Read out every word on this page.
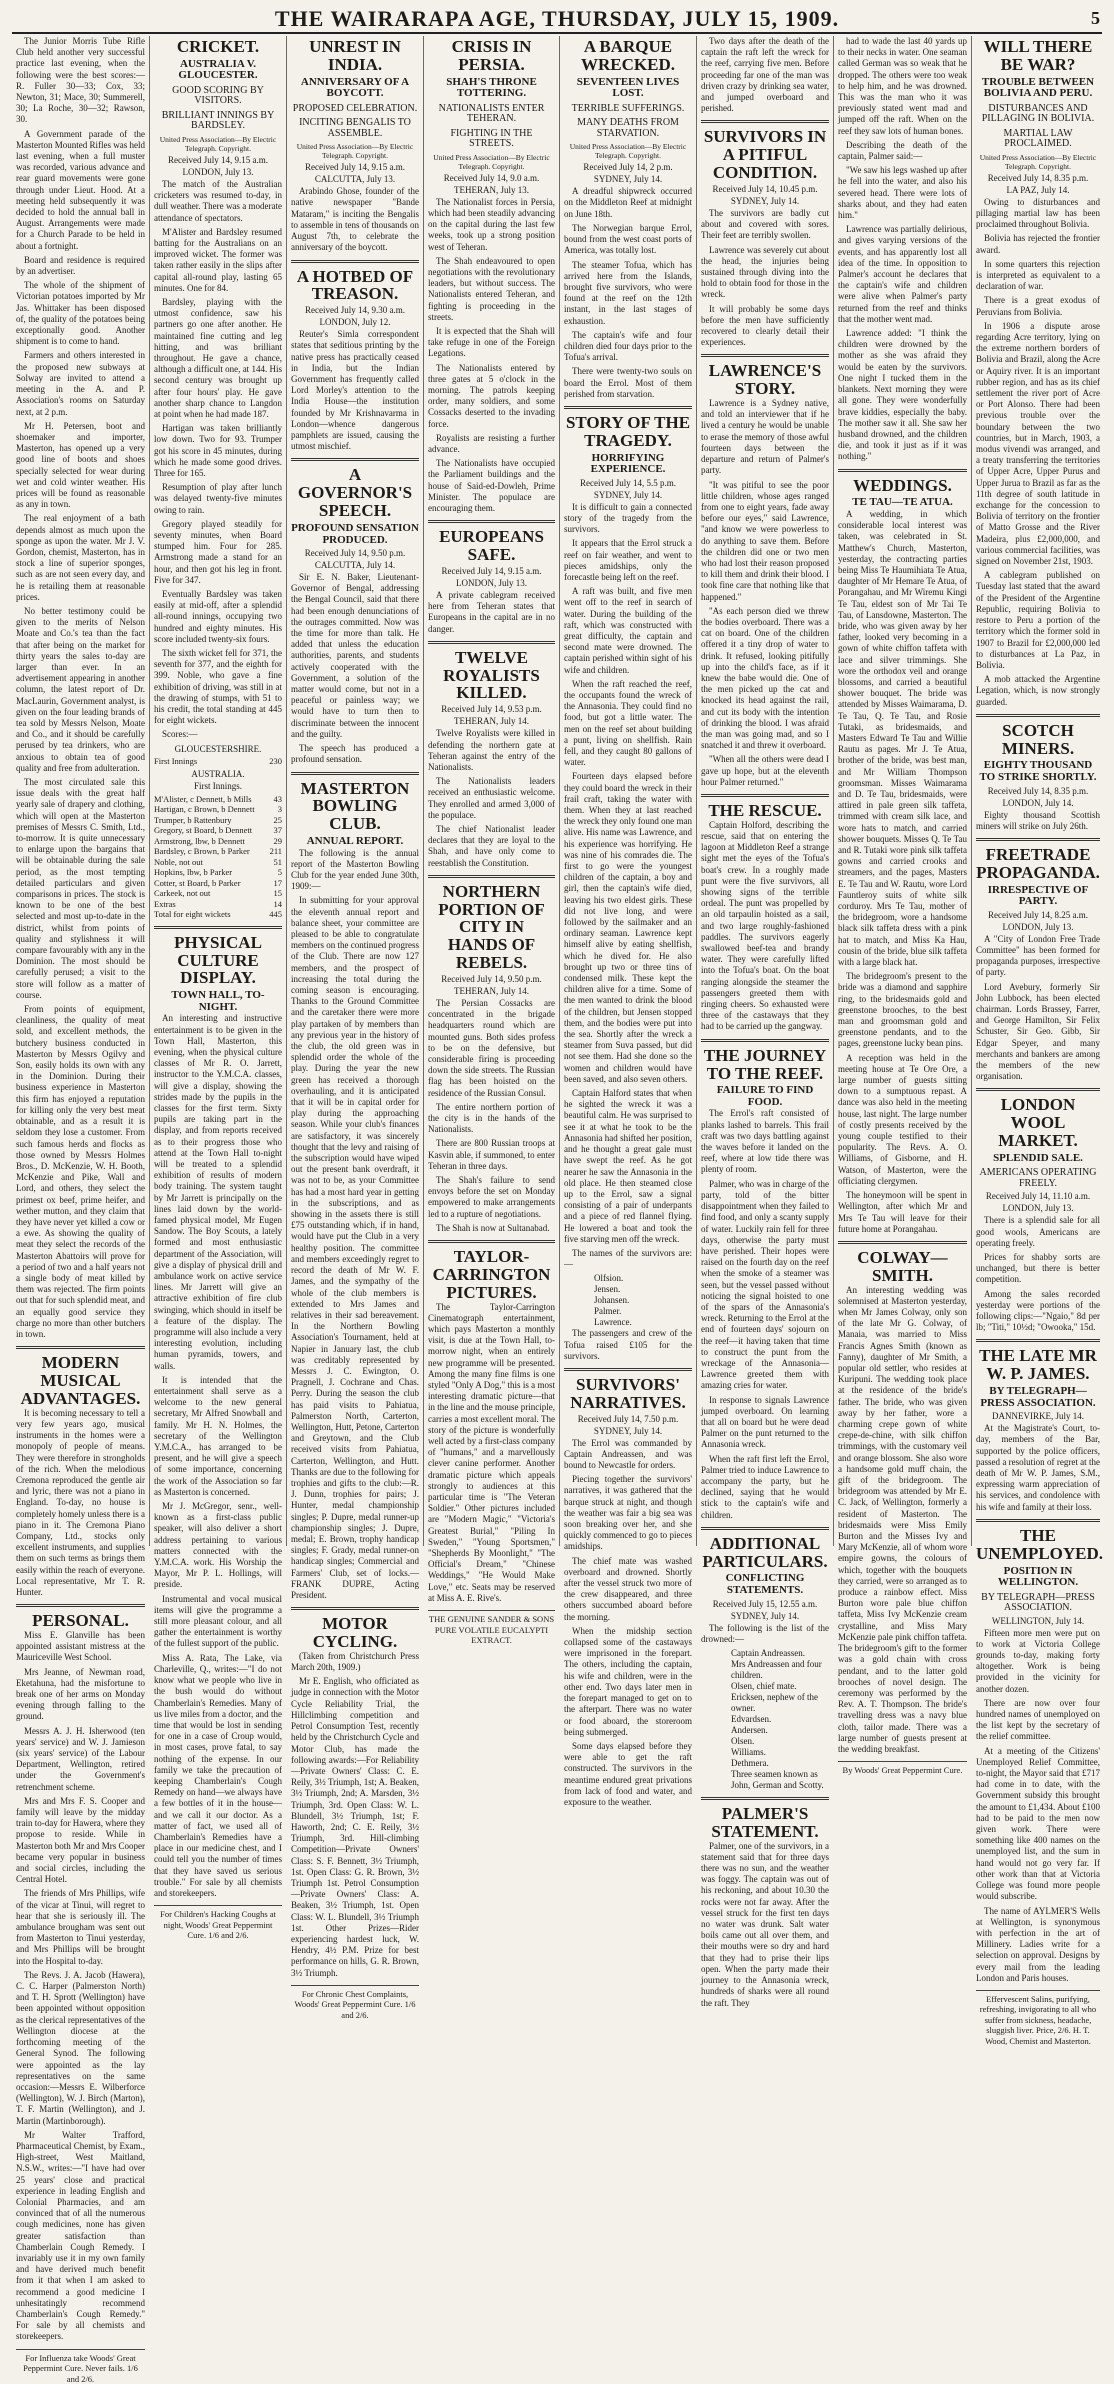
THE WAIRARAPA AGE, THURSDAY, JULY 15, 1909.	5

The Junior Morris Tube Rifle Club held another very successful practice last evening, when the following were the best scores:—R. Fuller 30—33; Cox, 33; Newton, 31; Mace, 30; Summerell, 30; La Roche, 30—32; Rawson, 30.

A Government parade of the Masterton Mounted Rifles was held last evening, when a full muster was recorded, various advance and rear guard movements were gone through under Lieut. Hood. At a meeting held subsequently it was decided to hold the annual ball in August. Arrangements were made for a Church Parade to be held in about a fortnight.

Board and residence is required by an advertiser.

The whole of the shipment of Victorian potatoes imported by Mr Jas. Whittaker has been disposed of, the quality of the potatoes being exceptionally good. Another shipment is to come to hand.

Farmers and others interested in the proposed new subways at Solway are invited to attend a meeting in the A. and P. Association's rooms on Saturday next, at 2 p.m.

Mr H. Petersen, boot and shoemaker and importer, Masterton, has opened up a very good line of boots and shoes specially selected for wear during wet and cold winter weather. His prices will be found as reasonable as any in town.

The real enjoyment of a bath depends almost as much upon the sponge as upon the water. Mr J. V. Gordon, chemist, Masterton, has in stock a line of superior sponges, such as are not seen every day, and he is retailing them at reasonable prices.

No better testimony could be given to the merits of Nelson Moate and Co.'s tea than the fact that after being on the market for thirty years the sales to-day are larger than ever. In an advertisement appearing in another column, the latest report of Dr. MacLaurin, Government analyst, is given on the four leading brands of tea sold by Messrs Nelson, Moate and Co., and it should be carefully perused by tea drinkers, who are anxious to obtain tea of good quality and free from adulteration.

The most circulated sale this issue deals with the great half yearly sale of drapery and clothing, which will open at the Masterton premises of Messrs C. Smith, Ltd., to-morrow. It is quite unnecessary to enlarge upon the bargains that will be obtainable during the sale period, as the most tempting detailed particulars and given comparisons in prices. The stock is known to be one of the best selected and most up-to-date in the district, whilst from points of quality and stylishness it will compare favourably with any in the Dominion. The most should be carefully perused; a visit to the store will follow as a matter of course.

From points of equipment, cleanliness, the quality of meat sold, and excellent methods, the butchery business conducted in Masterton by Messrs Ogilvy and Son, easily holds its own with any in the Dominion. During their business experience in Masterton this firm has enjoyed a reputation for killing only the very best meat obtainable, and as a result it is seldom they lose a customer. From such famous herds and flocks as those owned by Messrs Holmes Bros., D. McKenzie, W. H. Booth, McKenzie and Pike, Wall and Lord, and others, they select the primest ox beef, prime heifer, and wether mutton, and they claim that they have never yet killed a cow or a ewe. As showing the quality of meat they select the records of the Masterton Abattoirs will prove for a period of two and a half years not a single body of meat killed by them was rejected. The firm points out that for such splendid meat, and an equally good service they charge no more than other butchers in town.

MODERN MUSICAL ADVANTAGES.

It is becoming necessary to tell a very few years ago, musical instruments in the homes were a monopoly of people of means. They were therefore in strongholds of the rich. When the melodious Cremona reproduced the gentle air and lyric, there was not a piano in England. To-day, no house is completely homely unless there is a piano in it. The Cremona Piano Company, Ltd., stocks only excellent instruments, and supplies them on such terms as brings them easily within the reach of everyone. Local representative, Mr T. R. Hunter.

PERSONAL.

Miss E. Glanville has been appointed assistant mistress at the Mauriceville West School.

Mrs Jeanne, of Newman road, Eketahuna, had the misfortune to break one of her arms on Monday evening through falling to the ground.

Messrs A. J. H. Isherwood (ten years' service) and W. J. Jamieson (six years' service) of the Labour Department, Wellington, retired under the Government's retrenchment scheme.

Mrs and Mrs F. S. Cooper and family will leave by the midday train to-day for Hawera, where they propose to reside. While in Masterton both Mr and Mrs Cooper became very popular in business and social circles, including the Central Hotel.

The friends of Mrs Phillips, wife of the vicar at Tinui, will regret to hear that she is seriously ill. The ambulance brougham was sent out from Masterton to Tinui yesterday, and Mrs Phillips will be brought into the Hospital to-day.

The Revs. J. A. Jacob (Hawera), C. C. Harper (Palmerston North) and T. H. Sprott (Wellington) have been appointed without opposition as the clerical representatives of the Wellington diocese at the forthcoming meeting of the General Synod. The following were appointed as the lay representatives on the same occasion:—Messrs E. Wilberforce (Wellington), W. J. Birch (Marton), T. F. Martin (Wellington), and J. Martin (Martinborough).

Mr Walter Trafford, Pharmaceutical Chemist, by Exam., High-street, West Maitland, N.S.W., writes:—"I have had over 25 years' close and practical experience in leading English and Colonial Pharmacies, and am convinced that of all the numerous cough medicines, none has given greater satisfaction than Chamberlain Cough Remedy. I invariably use it in my own family and have derived much benefit from it that when I am asked to recommend a good medicine I unhesitatingly recommend Chamberlain's Cough Remedy." For sale by all chemists and storekeepers.

For Influenza take Woods' Great Peppermint Cure. Never fails. 1/6 and 2/6.
CRICKET.
AUSTRALIA V. GLOUCESTER.
GOOD SCORING BY VISITORS.
BRILLIANT INNINGS BY BARDSLEY.
United Press Association—By Electric Telegraph. Copyright.
Received July 14, 9.15 a.m.
LONDON, July 13.

The match of the Australian cricketers was resumed to-day, in dull weather. There was a moderate attendance of spectators.

M'Alister and Bardsley resumed batting for the Australians on an improved wicket. The former was taken rather easily in the slips after capital all-round play, lasting 65 minutes. One for 84.

Bardsley, playing with the utmost confidence, saw his partners go one after another. He maintained fine cutting and leg hitting, and was brilliant throughout. He gave a chance, although a difficult one, at 144. His second century was brought up after four hours' play. He gave another sharp chance to Langdon at point when he had made 187.

Hartigan was taken brilliantly low down. Two for 93. Trumper got his score in 45 minutes, during which he made some good drives. Three for 165.

Resumption of play after lunch was delayed twenty-five minutes owing to rain.

Gregory played steadily for seventy minutes, when Board stumped him. Four for 285. Armstrong made a stand for an hour, and then got his leg in front. Five for 347.

Eventually Bardsley was taken easily at mid-off, after a splendid all-round innings, occupying two hundred and eighty minutes. His score included twenty-six fours.

The sixth wicket fell for 371, the seventh for 377, and the eighth for 399. Noble, who gave a fine exhibition of driving, was still in at the drawing of stumps, with 51 to his credit, the total standing at 445 for eight wickets.

Scores:—

GLOUCESTERSHIRE.
First Innings	230
AUSTRALIA.
First Innings.
M'Alister, c Dennett, b Mills	43
Hartigan, c Brown, b Dennett	3
Trumper, b Rattenbury	25
Gregory, st Board, b Dennett	37
Armstrong, lbw, b Dennett	29
Bardsley, c Brown, b Parker 211
Noble, not out	51
Hopkins, lbw, b Parker	5
Cotter, st Board, b Parker	17
Carkeek, not out	15
Extras	14
Total for eight wickets	445
PHYSICAL CULTURE DISPLAY.
TOWN HALL, TO-NIGHT.

An interesting and instructive entertainment is to be given in the Town Hall, Masterton, this evening, when the physical culture classes of Mr R. O. Jarrett, instructor to the Y.M.C.A. classes, will give a display, showing the strides made by the pupils in the classes for the first term. Sixty pupils are taking part in the display, and from reports received as to their progress those who attend at the Town Hall to-night will be treated to a splendid exhibition of results of modern body training. The system taught by Mr Jarrett is principally on the lines laid down by the world-famed physical model, Mr Eugen Sandow. The Boy Scouts, a lately formed and most enthusiastic department of the Association, will give a display of physical drill and ambulance work on active service lines. Mr Jarrett will give an attractive exhibition of fire club swinging, which should in itself be a feature of the display. The programme will also include a very interesting evolution, including human pyramids, towers, and walls.

It is intended that the entertainment shall serve as a welcome to the new general secretary, Mr Alfred Snowball and family. Mr H. N. Holmes, the secretary of the Wellington Y.M.C.A., has arranged to be present, and he will give a speech of some importance, concerning the work of the Association so far as Masterton is concerned.

Mr J. McGregor, senr., well-known as a first-class public speaker, will also deliver a short address pertaining to various matters connected with the Y.M.C.A. work. His Worship the Mayor, Mr P. L. Hollings, will preside.

Instrumental and vocal musical items will give the programme a still more pleasant colour, and all gather the entertainment is worthy of the fullest support of the public.

Miss A. Rata, The Lake, via Charleville, Q., writes:—"I do not know what we people who live in the bush would do without Chamberlain's Remedies. Many of us live miles from a doctor, and the time that would be lost in sending for one in a case of Croup would, in most cases, prove fatal, to say nothing of the expense. In our family we take the precaution of keeping Chamberlain's Cough Remedy on hand—we always have a few bottles of it in the house—and we call it our doctor. As a matter of fact, we used all of Chamberlain's Remedies have a place in our medicine chest, and I could tell you the number of times that they have saved us serious trouble." For sale by all chemists and storekeepers.

For Children's Hacking Coughs at night, Woods' Great Peppermint Cure. 1/6 and 2/6.
UNREST IN INDIA.
ANNIVERSARY OF A BOYCOTT.
PROPOSED CELEBRATION.
INCITING BENGALIS TO ASSEMBLE.
United Press Association—By Electric Telegraph. Copyright.
Received July 14, 9.15 a.m.
CALCUTTA, July 13.

Arabindo Ghose, founder of the native newspaper "Bande Mataram," is inciting the Bengalis to assemble in tens of thousands on August 7th, to celebrate the anniversary of the boycott.

A HOTBED OF TREASON.
Received July 14, 9.30 a.m.
LONDON, July 12.

Reuter's Simla correspondent states that seditious printing by the native press has practically ceased in India, but the Indian Government has frequently called Lord Morley's attention to the India House—the institution founded by Mr Krishnavarma in London—whence dangerous pamphlets are issued, causing the utmost mischief.

A GOVERNOR'S SPEECH.
PROFOUND SENSATION PRODUCED.
Received July 14, 9.50 p.m.
CALCUTTA, July 14.

Sir E. N. Baker, Lieutenant-Governor of Bengal, addressing the Bengal Council, said that there had been enough denunciations of the outrages committed. Now was the time for more than talk. He added that unless the education authorities, parents, and students actively cooperated with the Government, a solution of the matter would come, but not in a peaceful or painless way; we would have to turn then to discriminate between the innocent and the guilty.

The speech has produced a profound sensation.

MASTERTON BOWLING CLUB.
ANNUAL REPORT.

The following is the annual report of the Masterton Bowling Club for the year ended June 30th, 1909:—

In submitting for your approval the eleventh annual report and balance sheet, your committee are pleased to be able to congratulate members on the continued progress of the Club. There are now 127 members, and the prospect of increasing the total during the coming season is encouraging. Thanks to the Ground Committee and the caretaker there were more play partaken of by members than any previous year in the history of the club, the old green was in splendid order the whole of the play. During the year the new green has received a thorough overhauling, and it is anticipated that it will be in capital order for play during the approaching season. While your club's finances are satisfactory, it was sincerely thought that the levy and raising of the subscription would have wiped out the present bank overdraft, it was not to be, as your Committee has had a most hard year in getting in the subscriptions, and as showing in the assets there is still £75 outstanding which, if in hand, would have put the Club in a very healthy position. The committee and members exceedingly regret to record the death of Mr W. F. James, and the sympathy of the whole of the club members is extended to Mrs James and relatives in their sad bereavement. In the Northern Bowling Association's Tournament, held at Napier in January last, the club was creditably represented by Messrs J. C. Ewington, O. Pragnell, J. Cochrane and Chas. Perry. During the season the club has paid visits to Pahiatua, Palmerston North, Carterton, Wellington, Hutt, Petone, Carterton and Greytown, and the Club received visits from Pahiatua, Carterton, Wellington, and Hutt. Thanks are due to the following for trophies and gifts to the club:—R. J. Dunn, trophies for pairs; J. Hunter, medal championship singles; P. Dupre, medal runner-up championship singles; J. Dupre, medal; E. Brown, trophy handicap singles; F. Grady, medal runner-on handicap singles; Commercial and Farmers' Club, set of locks.—FRANK DUPRE, Acting President.

MOTOR CYCLING.

(Taken from Christchurch Press March 20th, 1909.)

Mr E. English, who officiated as judge in connection with the Motor Cycle Reliability Trial, the Hillclimbing competition and Petrol Consumption Test, recently held by the Christchurch Cycle and Motor Club, has made the following awards:—For Reliability—Private Owners' Class: C. E. Reily, 3½ Triumph, 1st; A. Beaken, 3½ Triumph, 2nd; A. Marsden, 3½ Triumph, 3rd. Open Class: W. L. Blundell, 3½ Triumph, 1st; F. Haworth, 2nd; C. E. Reily, 3½ Triumph, 3rd. Hill-climbing Competition—Private Owners' Class: S. F. Bennett, 3½ Triumph, 1st. Open Class: G. R. Brown, 3½ Triumph 1st. Petrol Consumption—Private Owners' Class: A. Beaken, 3½ Triumph, 1st. Open Class: W. L. Blundell, 3½ Triumph 1st. Other Prizes—Rider experiencing hardest luck, W. Hendry, 4½ P.M. Prize for best performance on hills, G. R. Brown, 3½ Triumph.

For Chronic Chest Complaints, Woods' Great Peppermint Cure. 1/6 and 2/6.
CRISIS IN PERSIA.
SHAH'S THRONE TOTTERING.
NATIONALISTS ENTER TEHERAN.
FIGHTING IN THE STREETS.
United Press Association—By Electric Telegraph. Copyright.
Received July 14, 9.0 a.m.
TEHERAN, July 13.

The Nationalist forces in Persia, which had been steadily advancing on the capital during the last few weeks, took up a strong position west of Teheran.

The Shah endeavoured to open negotiations with the revolutionary leaders, but without success. The Nationalists entered Teheran, and fighting is proceeding in the streets.

It is expected that the Shah will take refuge in one of the Foreign Legations.

The Nationalists entered by three gates at 5 o'clock in the morning. The patrols keeping order, many soldiers, and some Cossacks deserted to the invading force.

Royalists are resisting a further advance.

The Nationalists have occupied the Parliament buildings and the house of Said-ed-Dowleh, Prime Minister. The populace are encouraging them.

EUROPEANS SAFE.
Received July 14, 9.15 a.m.
LONDON, July 13.

A private cablegram received here from Teheran states that Europeans in the capital are in no danger.

TWELVE ROYALISTS KILLED.
Received July 14, 9.53 p.m.
TEHERAN, July 14.

Twelve Royalists were killed in defending the northern gate at Teheran against the entry of the Nationalists.

The Nationalists leaders received an enthusiastic welcome. They enrolled and armed 3,000 of the populace.

The chief Nationalist leader declares that they are loyal to the Shah, and have only come to reestablish the Constitution.

NORTHERN PORTION OF CITY IN HANDS OF REBELS.
Received July 14, 9.50 p.m.
TEHERAN, July 14.

The Persian Cossacks are concentrated in the brigade headquarters round which are mounted guns. Both sides profess to be on the defensive, but considerable firing is proceeding down the side streets. The Russian flag has been hoisted on the residence of the Russian Consul.

The entire northern portion of the city is in the hands of the Nationalists.

There are 800 Russian troops at Kasvin able, if summoned, to enter Teheran in three days.

The Shah's failure to send envoys before the set on Monday empowered to make arrangements led to a rupture of negotiations.

The Shah is now at Sultanabad.

TAYLOR-CARRINGTON PICTURES.

The Taylor-Carrington Cinematograph entertainment, which pays Masterton a monthly visit, is due at the Town Hall, to-morrow night, when an entirely new programme will be presented. Among the many fine films is one styled "Only A Dog," this is a most interesting dramatic picture—that in the line and the mouse principle, carries a most excellent moral. The story of the picture is wonderfully well acted by a first-class company of "humans," and a marvellously clever canine performer. Another dramatic picture which appeals strongly to audiences at this particular time is "The Veteran Soldier." Other pictures included are "Modern Magic," "Victoria's Greatest Burial," "Piling In Sweden," "Young Sportsmen," "Shepherds By Moonlight," "The Official's Dream," "Chinese Weddings," "He Would Make Love," etc. Seats may be reserved at Miss A. E. Rive's.

THE GENUINE SANDER & SONS PURE VOLATILE EUCALYPTI EXTRACT.
A BARQUE WRECKED.
SEVENTEEN LIVES LOST.
TERRIBLE SUFFERINGS.
MANY DEATHS FROM STARVATION.
United Press Association—By Electric Telegraph. Copyright.
Received July 14, 2 p.m.
SYDNEY, July 14.

A dreadful shipwreck occurred on the Middleton Reef at midnight on June 18th.

The Norwegian barque Errol, bound from the west coast ports of America, was totally lost.

The steamer Tofua, which has arrived here from the Islands, brought five survivors, who were found at the reef on the 12th instant, in the last stages of exhaustion.

The captain's wife and four children died four days prior to the Tofua's arrival.

There were twenty-two souls on board the Errol. Most of them perished from starvation.

STORY OF THE TRAGEDY.
HORRIFYING EXPERIENCE.
Received July 14, 5.5 p.m.
SYDNEY, July 14.

It is difficult to gain a connected story of the tragedy from the survivors.

It appears that the Errol struck a reef on fair weather, and went to pieces amidships, only the forecastle being left on the reef.

A raft was built, and five men went off to the reef in search of water. During the building of the raft, which was constructed with great difficulty, the captain and second mate were drowned. The captain perished within sight of his wife and children.

When the raft reached the reef, the occupants found the wreck of the Annasonia. They could find no food, but got a little water. The men on the reef set about building a punt, living on shellfish. Rain fell, and they caught 80 gallons of water.

Fourteen days elapsed before they could board the wreck in their frail craft, taking the water with them. When they at last reached the wreck they only found one man alive. His name was Lawrence, and his experience was horrifying. He was nine of his comrades die. The first to go were the youngest children of the captain, a boy and girl, then the captain's wife died, leaving his two eldest girls. These did not live long, and were followed by the sailmaker and an ordinary seaman. Lawrence kept himself alive by eating shellfish, which he dived for. He also brought up two or three tins of condensed milk. These kept the children alive for a time. Some of the men wanted to drink the blood of the children, but Jensen stopped them, and the bodies were put into the sea. Shortly after the wreck a steamer from Suva passed, but did not see them. Had she done so the women and children would have been saved, and also seven others.

Captain Halford states that when he sighted the wreck it was a beautiful calm. He was surprised to see it at what he took to be the Annasonia had shifted her position, and he thought a great gale must have swept the reef. As he got nearer he saw the Annasonia in the old place. He then steamed close up to the Errol, saw a signal consisting of a pair of underpants and a piece of red flannel flying. He lowered a boat and took the five starving men off the wreck.

The names of the survivors are:—

Olfsion.
Jensen.
Johansen.
Palmer.
Lawrence.

The passengers and crew of the Tofua raised £105 for the survivors.

SURVIVORS' NARRATIVES.
Received July 14, 7.50 p.m.
SYDNEY, July 14.

The Errol was commanded by Captain Andreassen, and was bound to Newcastle for orders.

Piecing together the survivors' narratives, it was gathered that the barque struck at night, and though the weather was fair a big sea was soon breaking over her, and she quickly commenced to go to pieces amidships.

The chief mate was washed overboard and drowned. Shortly after the vessel struck two more of the crew disappeared, and three others succumbed aboard before the morning.

When the midship section collapsed some of the castaways were imprisoned in the forepart. The others, including the captain, his wife and children, were in the other end. Two days later men in the forepart managed to get on to the afterpart. There was no water or food aboard, the storeroom being submerged.

Some days elapsed before they were able to get the raft constructed. The survivors in the meantime endured great privations from lack of food and water, and exposure to the weather.

Two days after the death of the captain the raft left the wreck for the reef, carrying five men. Before proceeding far one of the man was driven crazy by drinking sea water, and jumped overboard and perished.

SURVIVORS IN A PITIFUL CONDITION.
Received July 14, 10.45 p.m.
SYDNEY, July 14.

The survivors are badly cut about and covered with sores. Their feet are terribly swollen.

Lawrence was severely cut about the head, the injuries being sustained through diving into the hold to obtain food for those in the wreck.

It will probably be some days before the men have sufficiently recovered to clearly detail their experiences.

LAWRENCE'S STORY.

Lawrence is a Sydney native, and told an interviewer that if he lived a century he would be unable to erase the memory of those awful fourteen days between the departure and return of Palmer's party.

"It was pitiful to see the poor little children, whose ages ranged from one to eight years, fade away before our eyes," said Lawrence, "and know we were powerless to do anything to save them. Before the children did one or two men who had lost their reason proposed to kill them and drink their blood. I took fine care that nothing like that happened."

"As each person died we threw the bodies overboard. There was a cat on board. One of the children offered it a tiny drop of water to drink. It refused, looking pitifully up into the child's face, as if it knew the babe would die. One of the men picked up the cat and knocked its head against the rail, and cut its body with the intention of drinking the blood. I was afraid the man was going mad, and so I snatched it and threw it overboard.

"When all the others were dead I gave up hope, but at the eleventh hour Palmer returned."

THE RESCUE.

Captain Holford, describing the rescue, said that on entering the lagoon at Middleton Reef a strange sight met the eyes of the Tofua's boat's crew. In a roughly made punt were the five survivors, all showing signs of the terrible ordeal. The punt was propelled by an old tarpaulin hoisted as a sail, and two large roughly-fashioned paddles. The survivors eagerly swallowed beef-tea and brandy water. They were carefully lifted into the Tofua's boat. On the boat ranging alongside the steamer the passengers greeted them with ringing cheers. So exhausted were three of the castaways that they had to be carried up the gangway.

THE JOURNEY TO THE REEF.
FAILURE TO FIND FOOD.

The Errol's raft consisted of planks lashed to barrels. This frail craft was two days battling against the waves before it landed on the reef, where at low tide there was plenty of room.

Palmer, who was in charge of the party, told of the bitter disappointment when they failed to find food, and only a scanty supply of water. Luckily rain fell for three days, otherwise the party must have perished. Their hopes were raised on the fourth day on the reef when the smoke of a steamer was seen, but the vessel passed without noticing the signal hoisted to one of the spars of the Annasonia's wreck. Returning to the Errol at the end of fourteen days' sojourn on the reef—it having taken that time to construct the punt from the wreckage of the Annasonia—Lawrence greeted them with amazing cries for water.

In response to signals Lawrence jumped overboard. On learning that all on board but he were dead Palmer on the punt returned to the Annasonia wreck.

When the raft first left the Errol, Palmer tried to induce Lawrence to accompany the party, but he declined, saying that he would stick to the captain's wife and children.

ADDITIONAL PARTICULARS.
CONFLICTING STATEMENTS.
Received July 15, 12.55 a.m.
SYDNEY, July 14.

The following is the list of the drowned:—

Captain Andreassen.
Mrs Andreassen and four children.
Olsen, chief mate.
Ericksen, nephew of the owner.
Edvardsen.
Andersen.
Olsen.
Williams.
Dethmera.
Three seamen known as John, German and Scotty.
PALMER'S STATEMENT.

Palmer, one of the survivors, in a statement said that for three days there was no sun, and the weather was foggy. The captain was out of his reckoning, and about 10.30 the rocks were not far away. After the vessel struck for the first ten days no water was drunk. Salt water boils came out all over them, and their mouths were so dry and hard that they had to prise their lips open. When the party made their journey to the Annasonia wreck, hundreds of sharks were all round the raft. They

had to wade the last 40 yards up to their necks in water. One seaman called German was so weak that he dropped. The others were too weak to help him, and he was drowned. This was the man who it was previously stated went mad and jumped off the raft. When on the reef they saw lots of human bones.

Describing the death of the captain, Palmer said:—

"We saw his legs washed up after he fell into the water, and also his severed head. There were lots of sharks about, and they had eaten him."

Lawrence was partially delirious, and gives varying versions of the events, and has apparently lost all idea of the time. In opposition to Palmer's account he declares that the captain's wife and children were alive when Palmer's party returned from the reef and thinks that the mother went mad.

Lawrence added: "I think the children were drowned by the mother as she was afraid they would be eaten by the survivors. One night I tucked them in the blankets. Next morning they were all gone. They were wonderfully brave kiddies, especially the baby. The mother saw it all. She saw her husband drowned, and the children die, and took it just as if it was nothing."

WEDDINGS.
TE TAU—TE ATUA.

A wedding, in which considerable local interest was taken, was celebrated in St. Matthew's Church, Masterton, yesterday, the contracting parties being Miss Te Haumihiata Te Atua, daughter of Mr Hemare Te Atua, of Porangahau, and Mr Wiremu Kingi Te Tau, eldest son of Mr Tai Te Tau, of Lansdowne, Masterton. The bride, who was given away by her father, looked very becoming in a gown of white chiffon taffeta with lace and silver trimmings. She wore the orthodox veil and orange blossoms, and carried a beautiful shower bouquet. The bride was attended by Misses Waimarama, D. Te Tau, Q. Te Tau, and Rosie Tutaki, as bridesmaids, and Masters Edward Te Tau and Willie Rautu as pages. Mr J. Te Atua, brother of the bride, was best man, and Mr William Thompson groomsman. Misses Waimarama and D. Te Tau, bridesmaids, were attired in pale green silk taffeta, trimmed with cream silk lace, and wore hats to match, and carried shower bouquets. Misses Q. Te Tau and R. Tutaki wore pink silk taffeta gowns and carried crooks and streamers, and the pages, Masters E. Te Tau and W. Rautu, wore Lord Fauntleroy suits of white silk corduroy. Mrs Te Tau, mother of the bridegroom, wore a handsome black silk taffeta dress with a pink hat to match, and Miss Ka Hau, cousin of the bride, blue silk taffeta with a large black hat.

The bridegroom's present to the bride was a diamond and sapphire ring, to the bridesmaids gold and greenstone brooches, to the best man and groomsman gold and greenstone pendants, and to the pages, greenstone lucky bean pins.

A reception was held in the meeting house at Te Ore Ore, a large number of guests sitting down to a sumptuous repast. A dance was also held in the meeting house, last night. The large number of costly presents received by the young couple testified to their popularity. The Revs. A. O. Williams, of Gisborne, and H. Watson, of Masterton, were the officiating clergymen.

The honeymoon will be spent in Wellington, after which Mr and Mrs Te Tau will leave for their future home at Porangahau.

COLWAY—SMITH.

An interesting wedding was solemnised at Masterton yesterday, when Mr James Colway, only son of the late Mr G. Colway, of Manaia, was married to Miss Francis Agnes Smith (known as Fanny), daughter of Mr Smith, a popular old settler, who resides at Kuripuni. The wedding took place at the residence of the bride's father. The bride, who was given away by her father, wore a charming crepe gown of white crepe-de-chine, with silk chiffon trimmings, with the customary veil and orange blossom. She also wore a handsome gold muff chain, the gift of the bridegroom. The bridegroom was attended by Mr E. C. Jack, of Wellington, formerly a resident of Masterton. The bridesmaids were Miss Emily Burton and the Misses Ivy and Mary McKenzie, all of whom wore empire gowns, the colours of which, together with the bouquets they carried, were so arranged as to produce a rainbow effect. Miss Burton wore pale blue chiffon taffeta, Miss Ivy McKenzie cream crystalline, and Miss Mary McKenzie pale pink chiffon taffeta. The bridegroom's gift to the former was a gold chain with cross pendant, and to the latter gold brooches of novel design. The ceremony was performed by the Rev. A. T. Thompson. The bride's travelling dress was a navy blue cloth, tailor made. There was a large number of guests present at the wedding breakfast.

By Woods' Great Peppermint Cure.
WILL THERE BE WAR?
TROUBLE BETWEEN BOLIVIA AND PERU.
DISTURBANCES AND PILLAGING IN BOLIVIA.
MARTIAL LAW PROCLAIMED.
United Press Association—By Electric Telegraph. Copyright.
Received July 14, 8.35 p.m.
LA PAZ, July 14.

Owing to disturbances and pillaging martial law has been proclaimed throughout Bolivia.

Bolivia has rejected the frontier award.

In some quarters this rejection is interpreted as equivalent to a declaration of war.

There is a great exodus of Peruvians from Bolivia.

In 1906 a dispute arose regarding Acre territory, lying on the extreme northern borders of Bolivia and Brazil, along the Acre or Aquiry river. It is an important rubber region, and has as its chief settlement the river port of Acre or Port Alonso. There had been previous trouble over the boundary between the two countries, but in March, 1903, a modus vivendi was arranged, and a treaty transferring the territories of Upper Acre, Upper Purus and Upper Jurua to Brazil as far as the 11th degree of south latitude in exchange for the concession to Bolivia of territory on the frontier of Matto Grosse and the River Madeira, plus £2,000,000, and various commercial facilities, was signed on November 21st, 1903.

A cablegram published on Tuesday last stated that the award of the President of the Argentine Republic, requiring Bolivia to restore to Peru a portion of the territory which the former sold in 1907 to Brazil for £2,000,000 led to disturbances at La Paz, in Bolivia.

A mob attacked the Argentine Legation, which, is now strongly guarded.

SCOTCH MINERS.
EIGHTY THOUSAND TO STRIKE SHORTLY.
Received July 14, 8.35 p.m.
LONDON, July 14.

Eighty thousand Scottish miners will strike on July 26th.

FREETRADE PROPAGANDA.
IRRESPECTIVE OF PARTY.
Received July 14, 8.25 a.m.
LONDON, July 13.

A "City of London Free Trade Committee" has been formed for propaganda purposes, irrespective of party.

Lord Avebury, formerly Sir John Lubbock, has been elected chairman. Lords Brassey, Farrer, and George Hamilton, Sir Felix Schuster, Sir Geo. Gibb, Sir Edgar Speyer, and many merchants and bankers are among the members of the new organisation.

LONDON WOOL MARKET.
SPLENDID SALE.
AMERICANS OPERATING FREELY.
Received July 14, 11.10 a.m.
LONDON, July 13.

There is a splendid sale for all good wools, Americans are operating freely.

Prices for shabby sorts are unchanged, but there is better competition.

Among the sales recorded yesterday were portions of the following clips:—"Ngaio," 8d per lb; "Titi," 10½d; "Owooka," 15d.

THE LATE MR W. P. JAMES.
BY TELEGRAPH—PRESS ASSOCIATION.
DANNEVIRKE, July 14.

At the Magistrate's Court, to-day, members of the Bar, supported by the police officers, passed a resolution of regret at the death of Mr W. P. James, S.M., expressing warm appreciation of his services, and condolence with his wife and family at their loss.

THE UNEMPLOYED.
POSITION IN WELLINGTON.
BY TELEGRAPH—PRESS ASSOCIATION.
WELLINGTON, July 14.

Fifteen more men were put on to work at Victoria College grounds to-day, making forty altogether. Work is being provided in the vicinity for another dozen.

There are now over four hundred names of unemployed on the list kept by the secretary of the relief committee.

At a meeting of the Citizens' Unemployed Relief Committee, to-night, the Mayor said that £717 had come in to date, with the Government subsidy this brought the amount to £1,434. About £100 had to be paid to the men now given work. There were something like 400 names on the unemployed list, and the sum in hand would not go very far. If other work than that at Victoria College was found more people would subscribe.

The name of AYLMER'S Wells at Wellington, is synonymous with perfection in the art of Millinery. Ladies write for a selection on approval. Designs by every mail from the leading London and Paris houses.

Effervescent Salins, purifying, refreshing, invigorating to all who suffer from sickness, headache, sluggish liver. Price, 2/6. H. T. Wood, Chemist and Masterton.
